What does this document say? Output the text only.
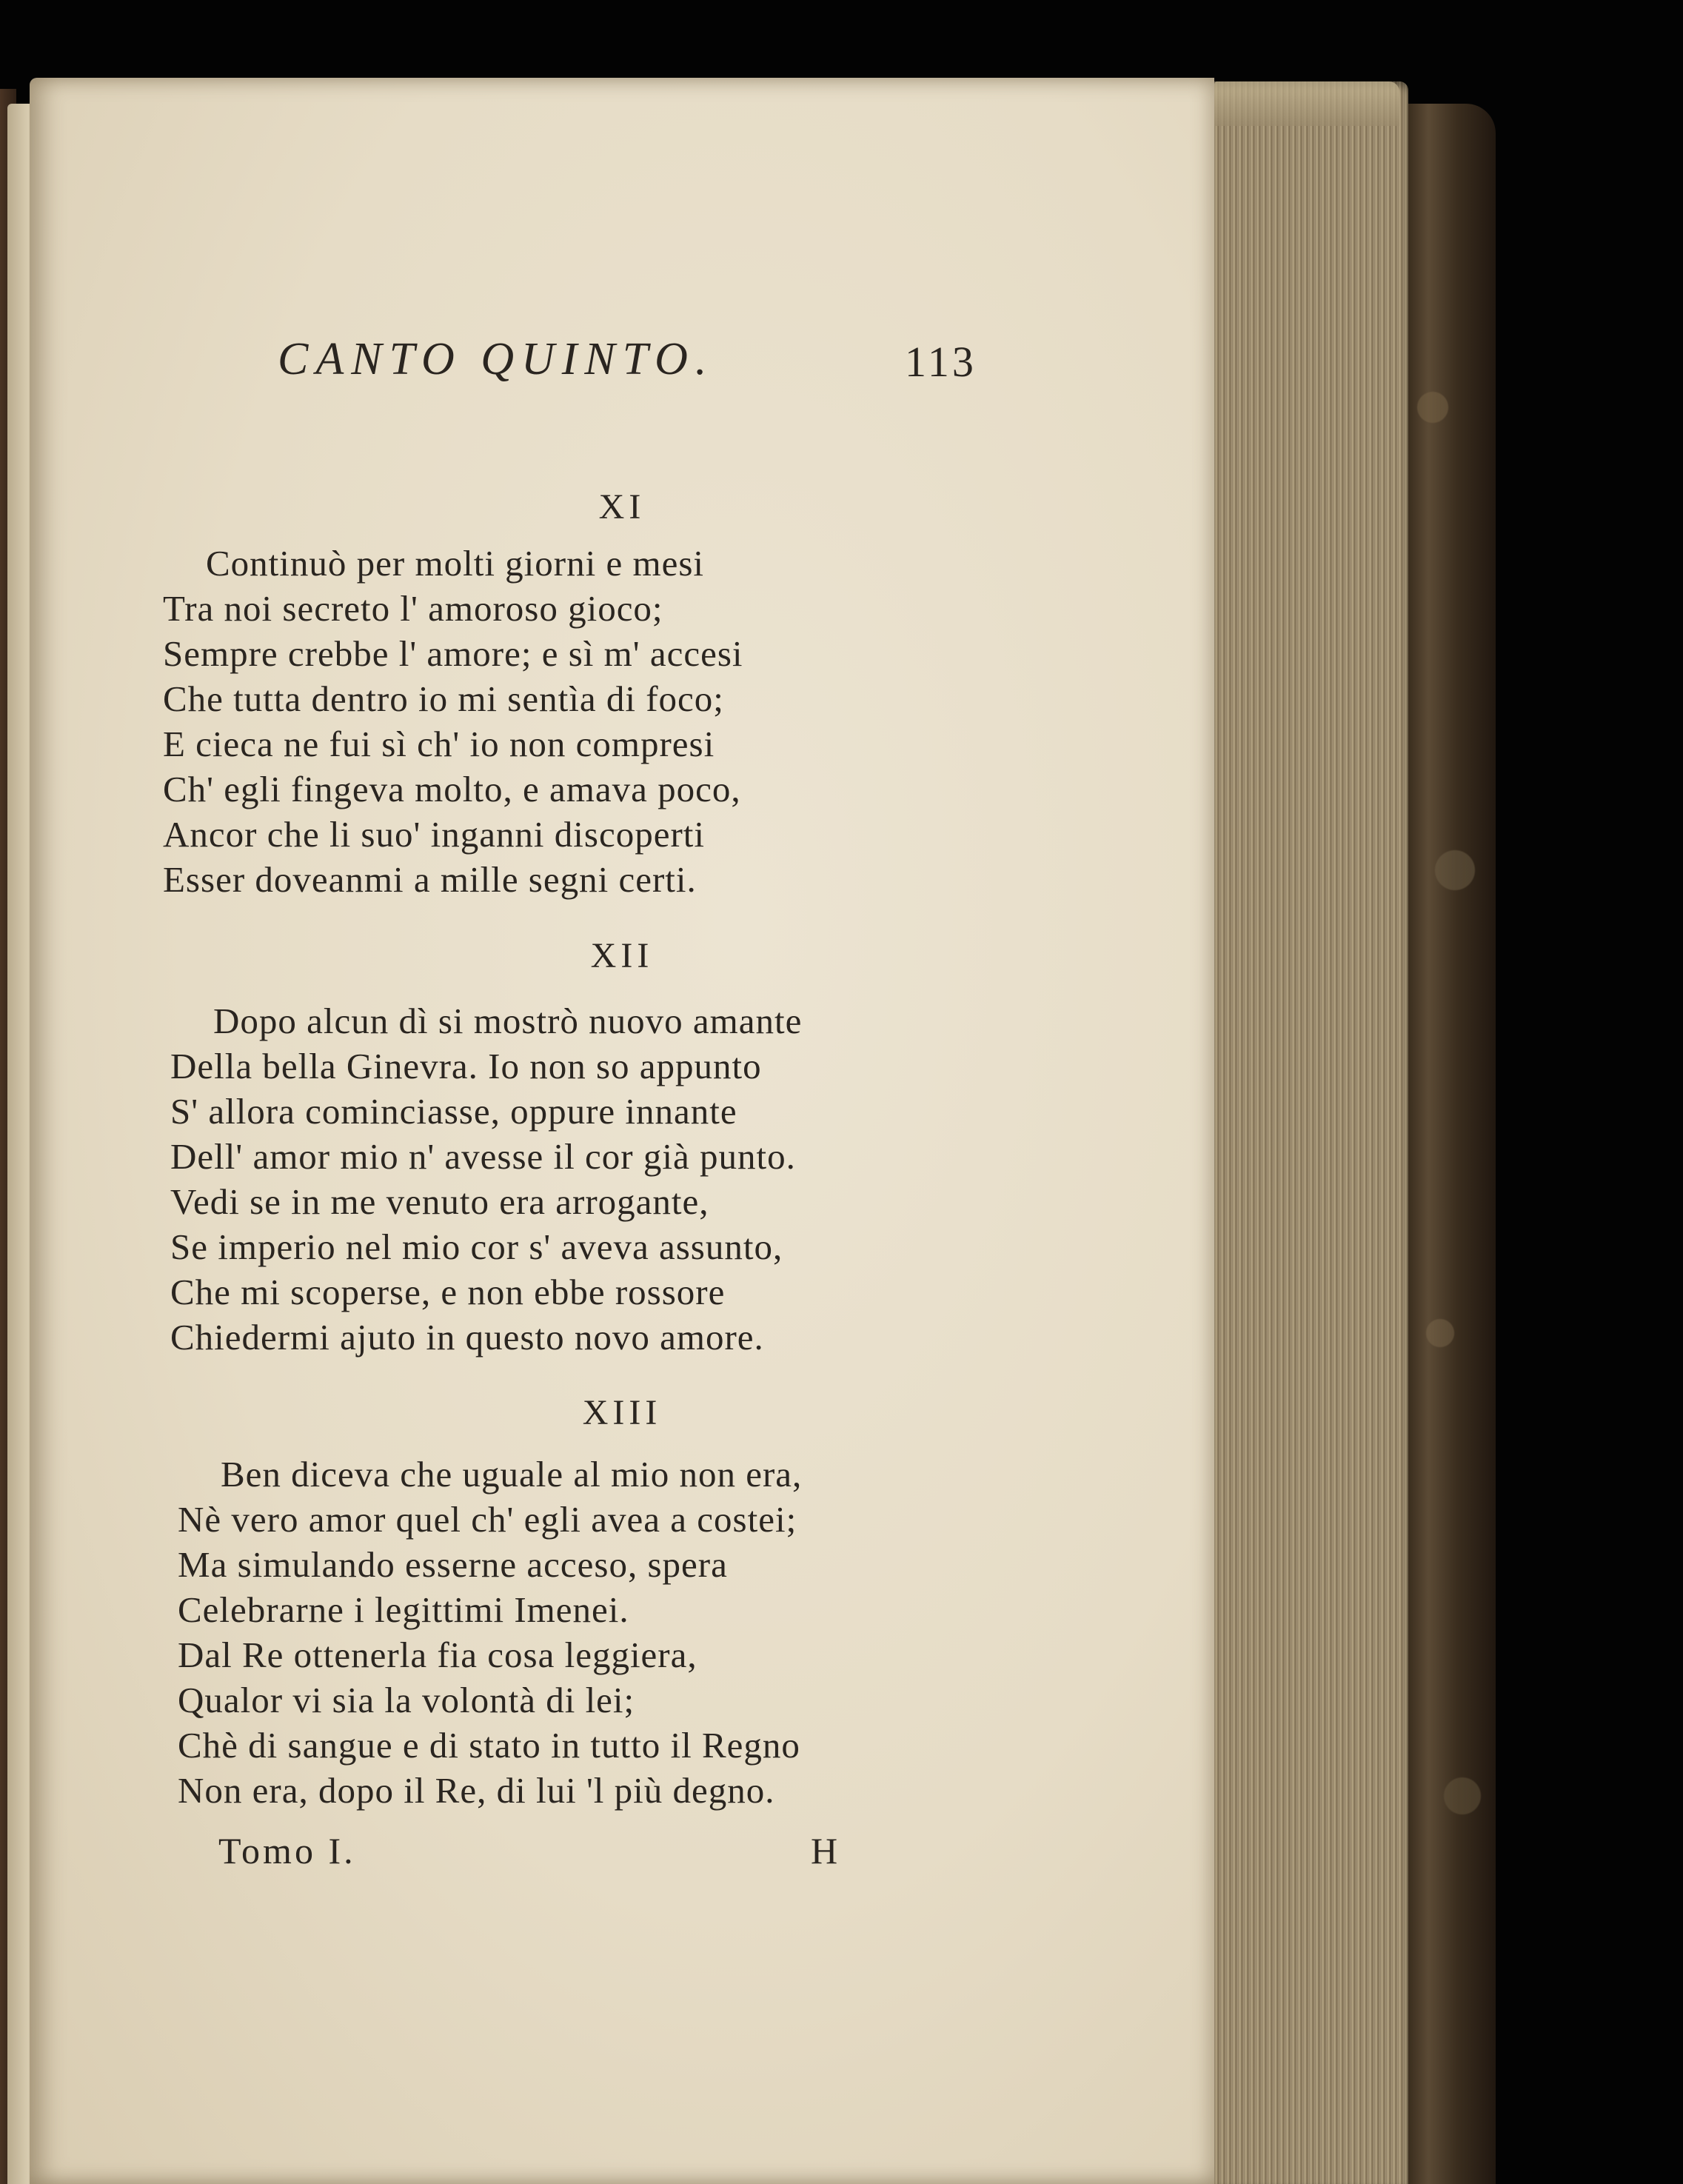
CANTO QUINTO.	113
XI
Continuò per molti giorni e mesi
Tra noi secreto l' amoroso gioco;
Sempre crebbe l' amore; e sì m' accesi
Che tutta dentro io mi sentìa di foco;
E cieca ne fui sì ch' io non compresi
Ch' egli fingeva molto, e amava poco,
Ancor che li suo' inganni discoperti
Esser doveanmi a mille segni certi.
XII
Dopo alcun dì si mostrò nuovo amante
Della bella Ginevra. Io non so appunto
S' allora cominciasse, oppure innante
Dell' amor mio n' avesse il cor già punto.
Vedi se in me venuto era arrogante,
Se imperio nel mio cor s' aveva assunto,
Che mi scoperse, e non ebbe rossore
Chiedermi ajuto in questo novo amore.
XIII
Ben diceva che uguale al mio non era,
Nè vero amor quel ch' egli avea a costei;
Ma simulando esserne acceso, spera
Celebrarne i legittimi Imenei.
Dal Re ottenerla fia cosa leggiera,
Qualor vi sia la volontà di lei;
Chè di sangue e di stato in tutto il Regno
Non era, dopo il Re, di lui 'l più degno.
Tomo I.	H
